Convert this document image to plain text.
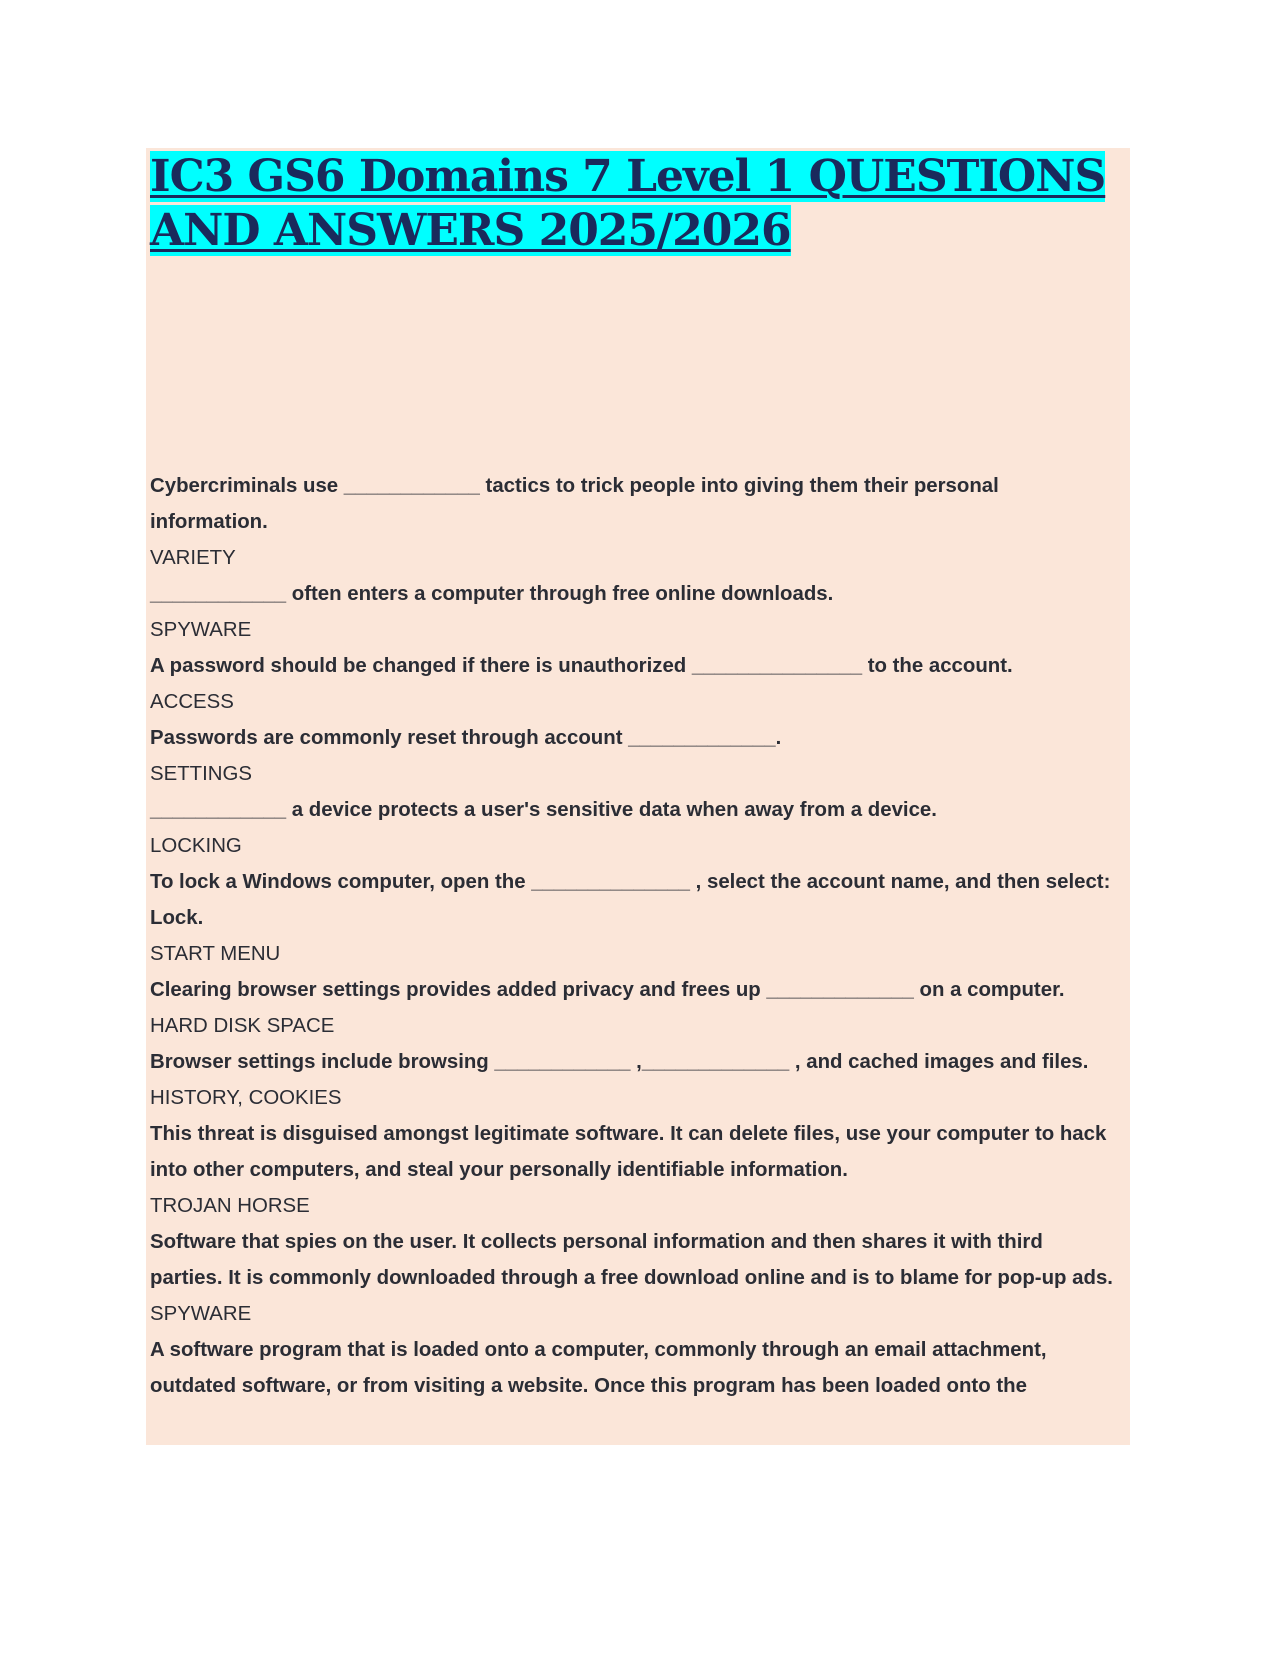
IC3 GS6 Domains 7 Level 1 QUESTIONS AND ANSWERS 2025/2026
Cybercriminals use ____________ tactics to trick people into giving them their personal information.
VARIETY
____________ often enters a computer through free online downloads.
SPYWARE
A password should be changed if there is unauthorized _______________ to the account.
ACCESS
Passwords are commonly reset through account _____________.
SETTINGS
____________ a device protects a user's sensitive data when away from a device.
LOCKING
To lock a Windows computer, open the ______________ , select the account name, and then select: Lock.
START MENU
Clearing browser settings provides added privacy and frees up _____________ on a computer.
HARD DISK SPACE
Browser settings include browsing ____________ ,_____________ , and cached images and files.
HISTORY, COOKIES
This threat is disguised amongst legitimate software. It can delete files, use your computer to hack into other computers, and steal your personally identifiable information.
TROJAN HORSE
Software that spies on the user. It collects personal information and then shares it with third parties. It is commonly downloaded through a free download online and is to blame for pop-up ads.
SPYWARE
A software program that is loaded onto a computer, commonly through an email attachment, outdated software, or from visiting a website. Once this program has been loaded onto the
